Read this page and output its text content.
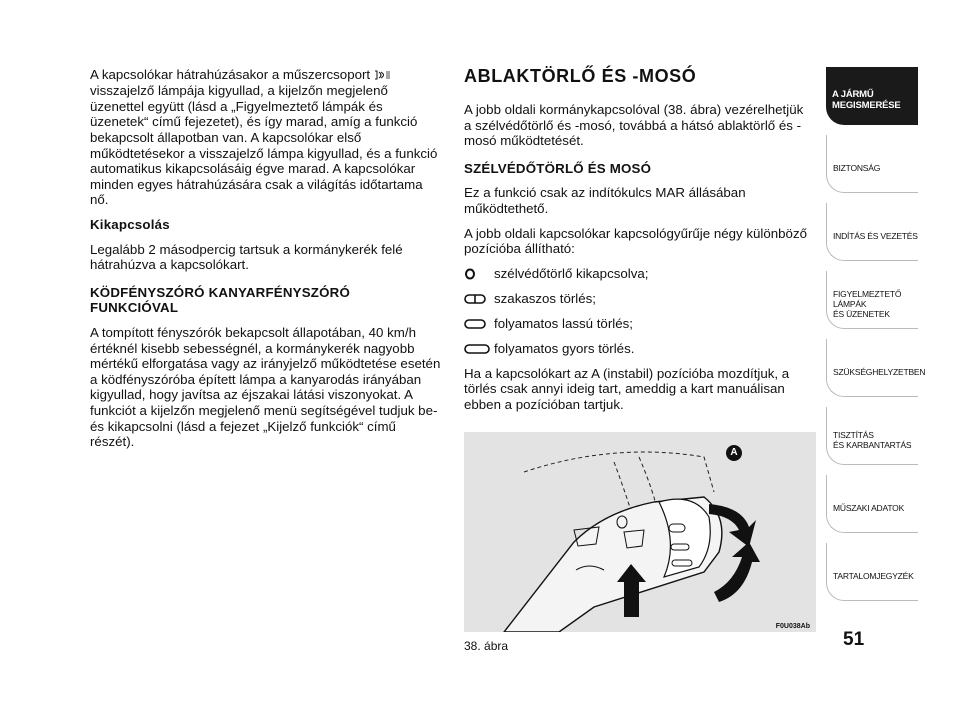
A kapcsolókar hátrahúzásakor a műszercsoport
visszajelző lámpája kigyullad, a kijelzőn megjelenő üzenettel együtt (lásd a „Figyelmeztető lámpák és üzenetek“ című fejezetet), és így marad, amíg a funkció bekapcsolt állapotban van. A kapcsolókar első működtetésekor a visszajelző lámpa kigyullad, és a funkció automatikus kikapcsolásáig égve marad. A kapcsolókar minden egyes hátrahúzására csak a világítás időtartama nő.

Kikapcsolás

Legalább 2 másodpercig tartsuk a kormánykerék felé hátrahúzva a kapcsolókart.

KÖDFÉNYSZÓRÓ KANYARFÉNYSZÓRÓ FUNKCIÓVAL

A tompított fényszórók bekapcsolt állapotában, 40 km/h értéknél kisebb sebességnél, a kormánykerék nagyobb mértékű elforgatása vagy az irányjelző működtetése esetén a ködfényszóróba épített lámpa a kanyarodás irányában kigyullad, hogy javítsa az éjszakai látási viszonyokat. A funkciót a kijelzőn megjelenő menü segítségével tudjuk be- és kikapcsolni (lásd a fejezet „Kijelző funkciók“ című részét).

ABLAKTÖRLŐ ÉS -MOSÓ

A jobb oldali kormánykapcsolóval (38. ábra) vezérelhetjük a szélvédőtörlő és -mosó, továbbá a hátsó ablaktörlő és -mosó működtetését.

SZÉLVÉDŐTÖRLŐ ÉS MOSÓ

Ez a funkció csak az indítókulcs MAR állásában működtethető.

A jobb oldali kapcsolókar kapcsológyűrűje négy különböző pozícióba állítható:

szélvédőtörlő kikapcsolva;
szakaszos törlés;
folyamatos lassú törlés;
folyamatos gyors törlés.

Ha a kapcsolókart az A (instabil) pozícióba mozdítjuk, a törlés csak annyi ideig tart, ameddig a kart manuálisan ebben a pozícióban tartjuk.

A
F0U038Ab
38. ábra	51
A JÁRMŰ
MEGISMERÉSE
BIZTONSÁG
INDÍTÁS ÉS VEZETÉS
FIGYELMEZTETŐ
LÁMPÁK
ÉS ÜZENETEK
SZÜKSÉGHELYZETBEN
TISZTÍTÁS
ÉS KARBANTARTÁS
MŰSZAKI ADATOK
TARTALOMJEGYZÉK
